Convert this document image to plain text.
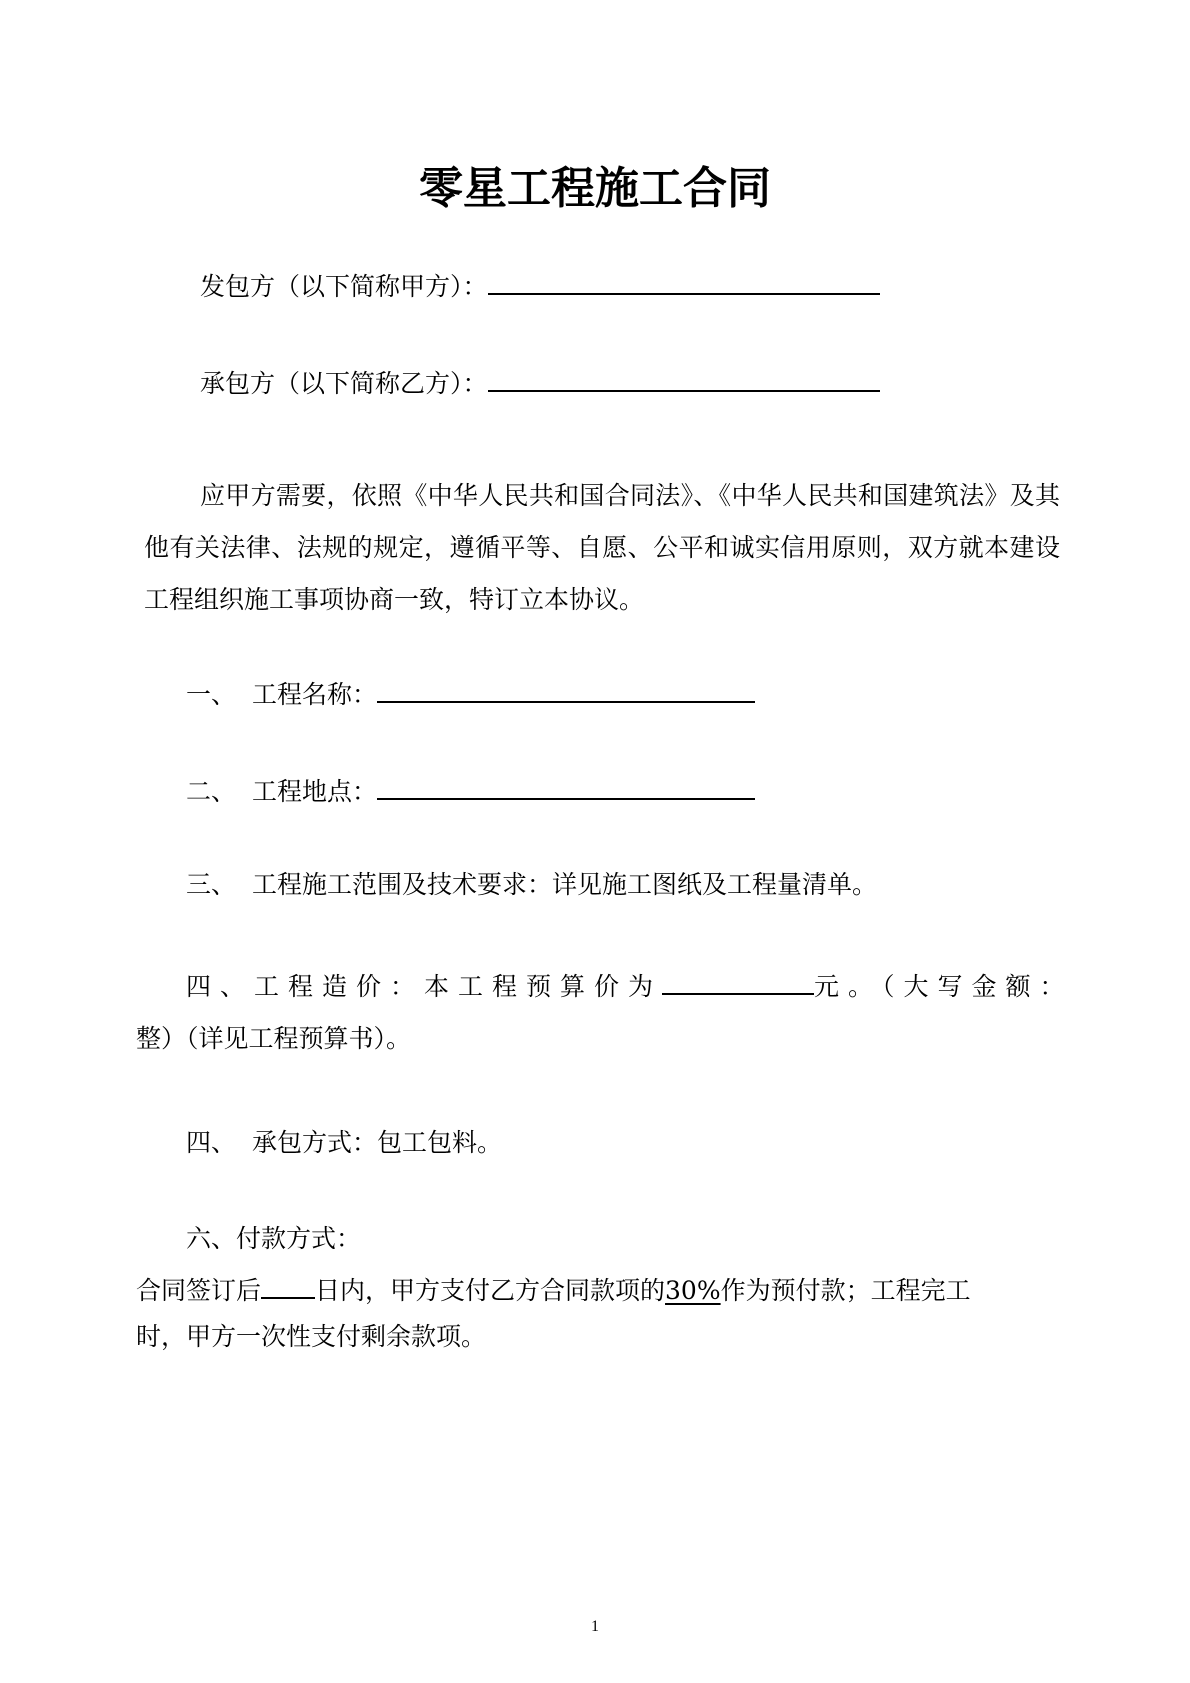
零星工程施工合同
发包方（以下简称甲方）：
承包方（以下简称乙方）：
应甲方需要，依照《中华人民共和国合同法》、《中华人民共和国建筑法》及其他有关法律、法规的规定，遵循平等、自愿、公平和诚实信用原则，双方就本建设工程组织施工事项协商一致，特订立本协议。
一、 工程名称：
二、 工程地点：
三、 工程施工范围及技术要求：详见施工图纸及工程量清单。
四、工程造价：本工程预算价为	元。（大写金额：
整）（详见工程预算书）。
四、 承包方式：包工包料。
六、付款方式：
合同签订后 日内，甲方支付乙方合同款项的30%作为预付款；工程完工
时，甲方一次性支付剩余款项。
1
